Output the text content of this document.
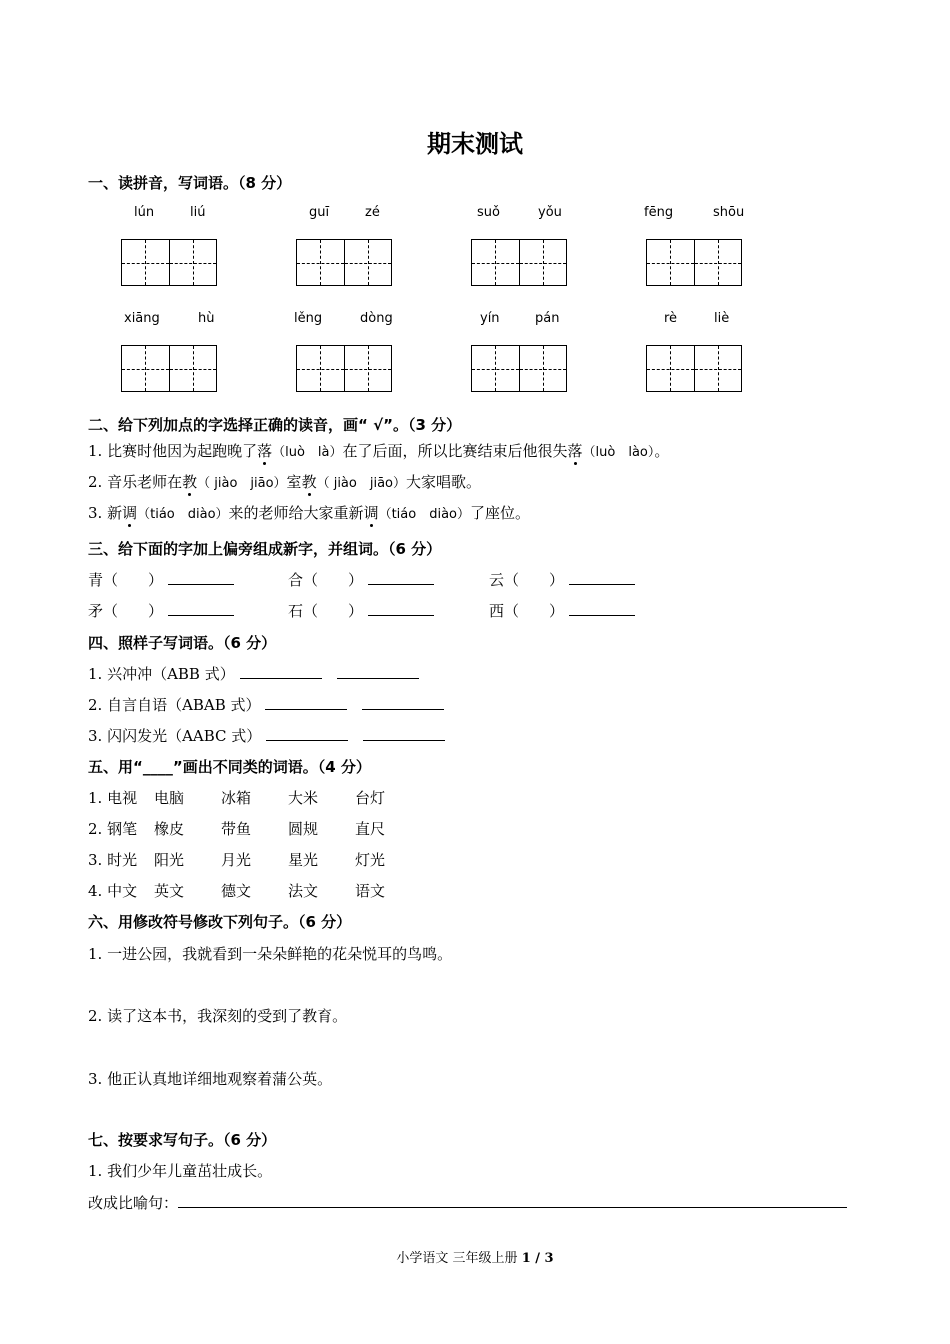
期末测试
一、读拼音，写词语。（8 分）
lún	liú	guī	zé	suǒ	yǒu	fēng	shōu
xiāng	hù	lěng	dòng	yín	pán	rè	liè
二、给下列加点的字选择正确的读音，画“ √”。（3 分）
1. 比赛时他因为起跑晚了落（luò　là）在了后面，所以比赛结束后他很失落（luò　lào）。
2. 音乐老师在教（ jiào　jiāo）室教（ jiào　jiāo）大家唱歌。
3. 新调（tiáo　diào）来的老师给大家重新调（tiáo　diào）了座位。
三、给下面的字加上偏旁组成新字，并组词。（6 分）
青（　　）	合（　　）	云（　　）
矛（　　）	石（　　）	西（　　）
四、照样子写词语。（6 分）
1. 兴冲冲（ABB 式） 　
2. 自言自语（ABAB 式） 　
3. 闪闪发光（AABC 式） 　
五、用“____”画出不同类的词语。（4 分）
1. 电视 电脑 冰箱 大米 台灯
2. 钢笔 橡皮 带鱼 圆规 直尺
3. 时光 阳光 月光 星光 灯光
4. 中文 英文 德文 法文 语文
六、用修改符号修改下列句子。（6 分）
1. 一进公园，我就看到一朵朵鲜艳的花朵悦耳的鸟鸣。
2. 读了这本书，我深刻的受到了教育。
3. 他正认真地详细地观察着蒲公英。
七、按要求写句子。（6 分）
1. 我们少年儿童茁壮成长。
改成比喻句：
小学语文 三年级上册 1 / 3
